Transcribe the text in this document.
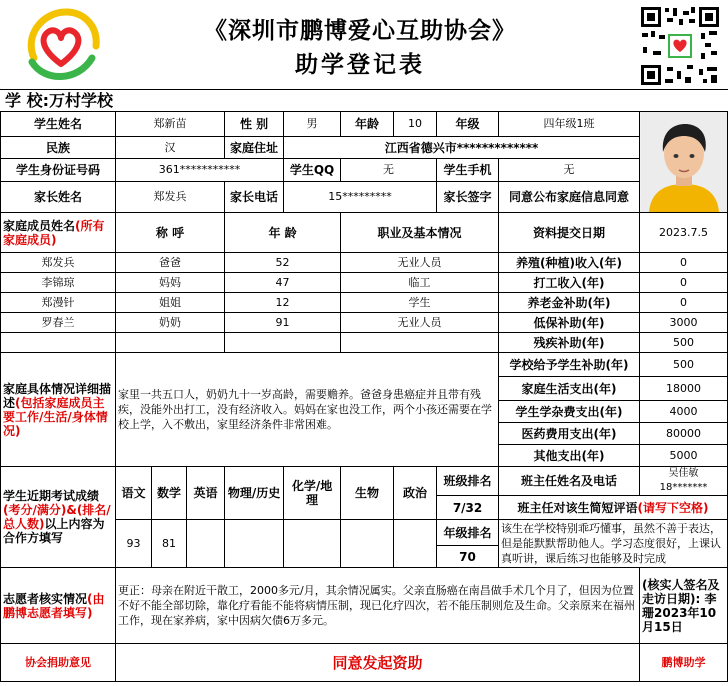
《深圳市鹏博爱心互助协会》
助学登记表
学 校:万村学校
学生姓名	郑新苗			性 别	男	年龄	10	年级	四年级1班	

民族	汉			家庭住址	江西省德兴市*************					
学生身份证号码	361***********				学生QQ	无		学生手机	无	
家长姓名	郑发兵			家长电话	15*********			家长签字	同意公布家庭信息同意	
家庭成员姓名(所有家庭成员)	称 呼			年 龄		职业及基本情况			资料提交日期	2023.7.5
郑发兵	爸爸			52		无业人员			养殖(种植)收入(年)	0
李锦琼	妈妈			47		临工			打工收入(年)	0
郑漫针	姐姐			12		学生			养老金补助(年)	0
罗春兰	奶奶			91		无业人员			低保补助(年)	3000
									残疾补助(年)	500
家庭具体情况详细描述(包括家庭成员主要工作/生活/身体情况)	家里一共五口人，奶奶九十一岁高龄，需要赡养。爸爸身患癌症并且带有残疾，没能外出打工，没有经济收入。妈妈在家也没工作，两个小孩还需要在学校上学，入不敷出，家里经济条件非常困难。								学校给予学生补助(年)	500
									家庭生活支出(年)	18000
									学生学杂费支出(年)	4000
									医药费用支出(年)	80000
									其他支出(年)	5000
学生近期考试成绩(考分/满分)&(排名/总人数)以上内容为合作方填写	语文	数学	英语	物理/历史	化学/地理	生物	政治	班级排名	班主任姓名及电话	吴佳敏
18*******

								7/32	班主任对该生简短评语(请写下空格)	
	93	81						年级排名	该生在学校特别乖巧懂事，虽然不善于表达，但是能默默帮助他人。学习态度很好，上课认真听讲，课后练习也能够及时完成	
								70		
志愿者核实情况(由鹏博志愿者填写)	更正：母亲在附近干散工，2000多元/月，其余情况属实。父亲直肠癌在南昌做手术几个月了，但因为位置不好不能全部切除，靠化疗看能不能将病情压制，现已化疗四次，若不能压制则危及生命。父亲原来在福州工作，现在家养病，家中因病欠债6万多元。									(核实人签名及走访日期): 李珊2023年10月15日
协会捐助意见	同意发起资助									鹏博助学
